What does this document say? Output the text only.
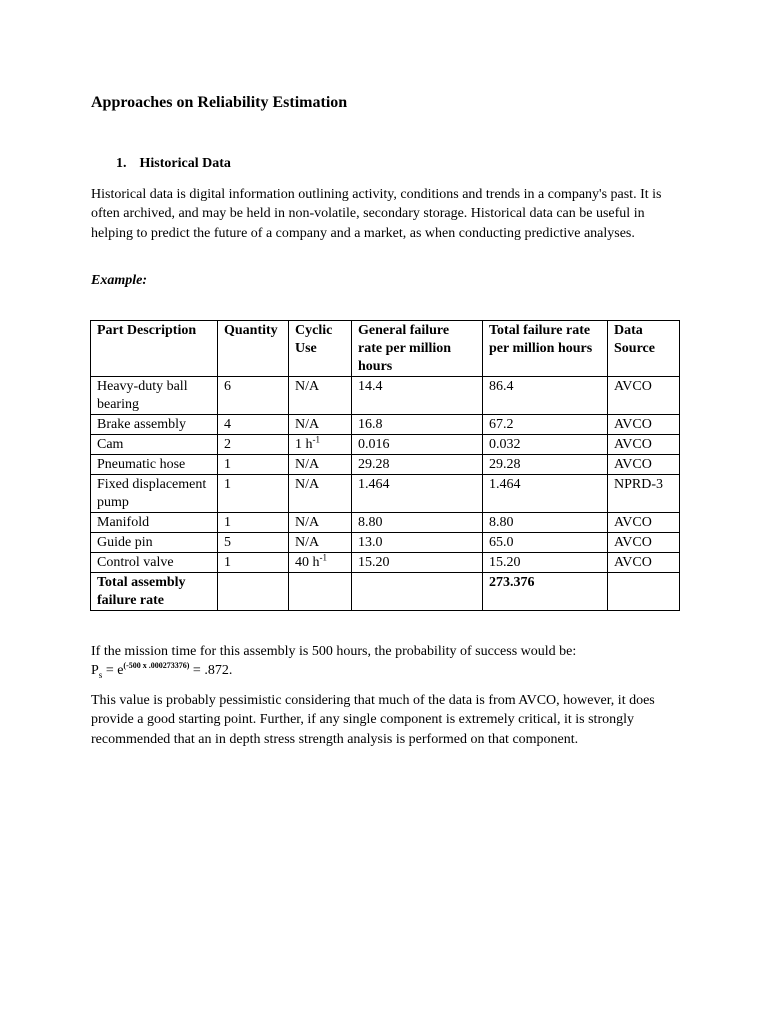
Approaches on Reliability Estimation
1. Historical Data

Historical data is digital information outlining activity, conditions and trends in a company's past. It is often archived, and may be held in non-volatile, secondary storage. Historical data can be useful in helping to predict the future of a company and a market, as when conducting predictive analyses.

Example:
Part Description	Quantity	Cyclic Use	General failure rate per million hours	Total failure rate per million hours	Data Source
Heavy-duty ball bearing	6	N/A	14.4	86.4	AVCO
Brake assembly	4	N/A	16.8	67.2	AVCO
Cam	2	1 $h^{-1}$	0.016	0.032	AVCO
Pneumatic hose	1	N/A	29.28	29.28	AVCO
Fixed displacement pump	1	N/A	1.464	1.464	NPRD-3
Manifold	1	N/A	8.80	8.80	AVCO
Guide pin	5	N/A	13.0	65.0	AVCO
Control valve	1	40 $h^{-1}$	15.20	15.20	AVCO
Total assembly failure rate				273.376	

If the mission time for this assembly is 500 hours, the probability of success would be:

$P_s = e^{(-500 x .000273376)} = .872$.

This value is probably pessimistic considering that much of the data is from AVCO, however, it does provide a good starting point. Further, if any single component is extremely critical, it is strongly recommended that an in depth stress strength analysis is performed on that component.
